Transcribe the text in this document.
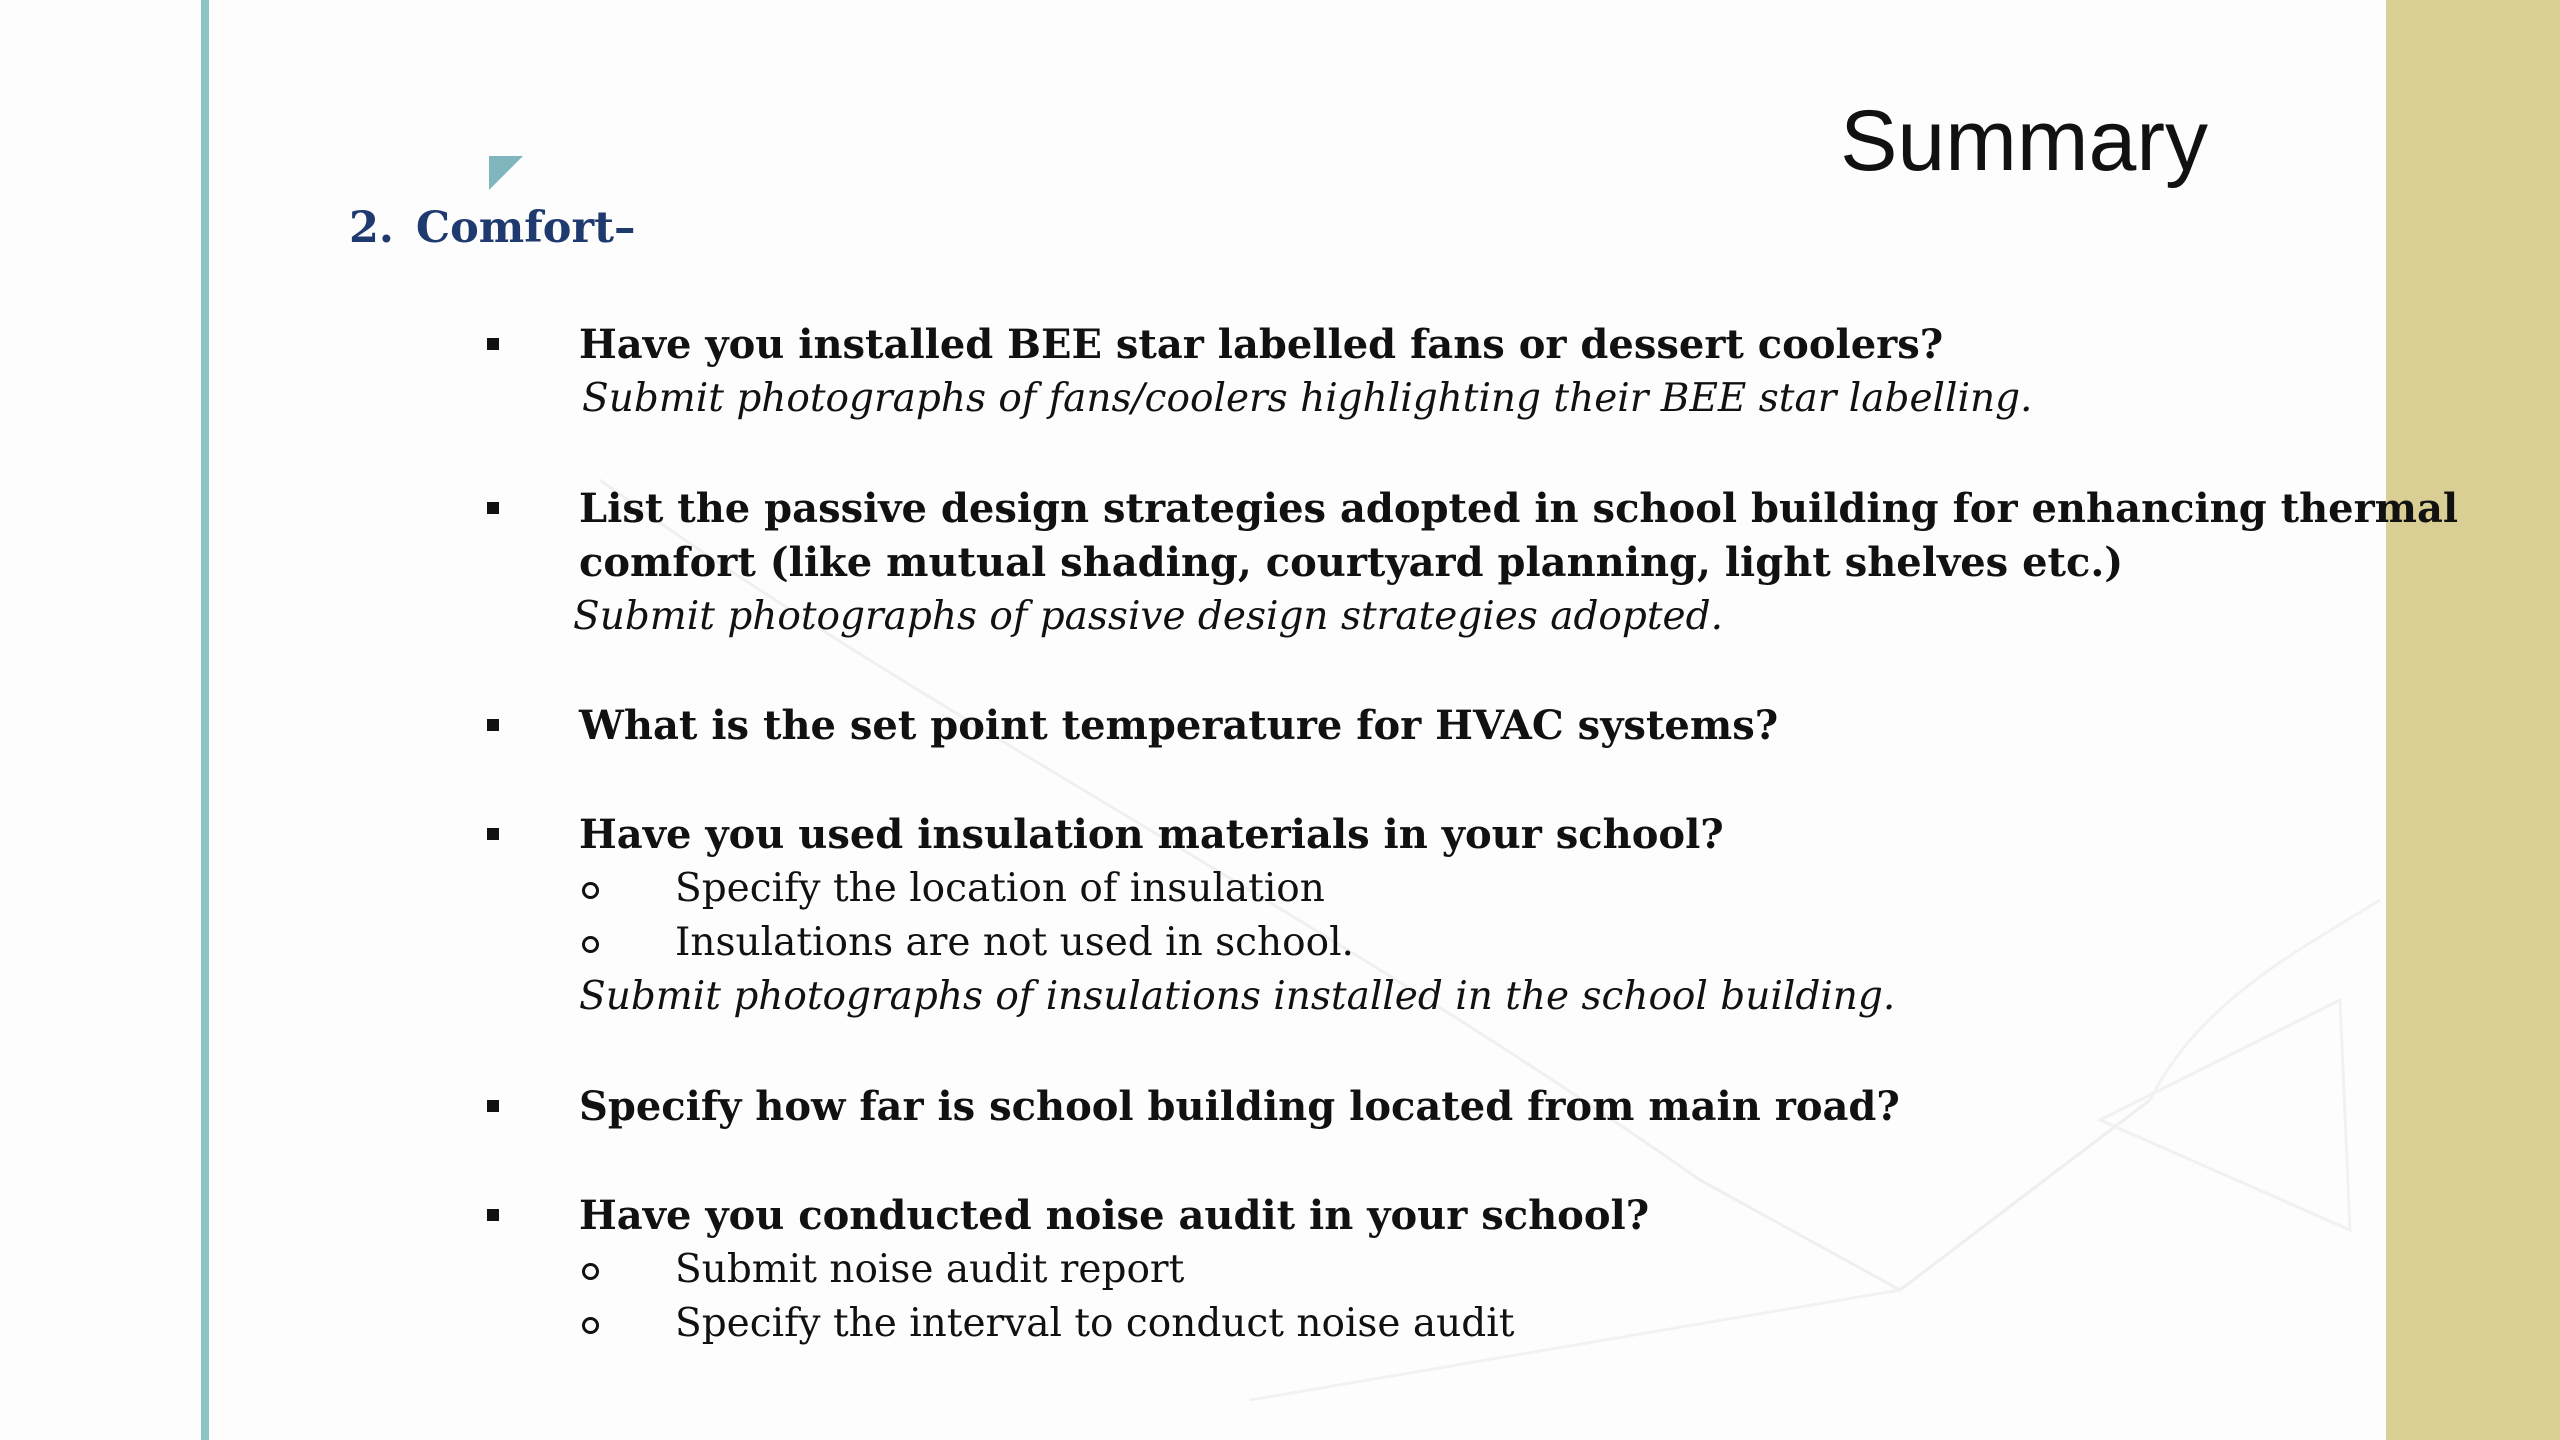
Summary
2. Comfort–
Have you installed BEE star labelled fans or dessert coolers?
Submit photographs of fans/coolers highlighting their BEE star labelling.
List the passive design strategies adopted in school building for enhancing thermal
comfort (like mutual shading, courtyard planning, light shelves etc.)
Submit photographs of passive design strategies adopted.
What is the set point temperature for HVAC systems?
Have you used insulation materials in your school?
Specify the location of insulation
Insulations are not used in school.
Submit photographs of insulations installed in the school building.
Specify how far is school building located from main road?
Have you conducted noise audit in your school?
Submit noise audit report
Specify the interval to conduct noise audit
